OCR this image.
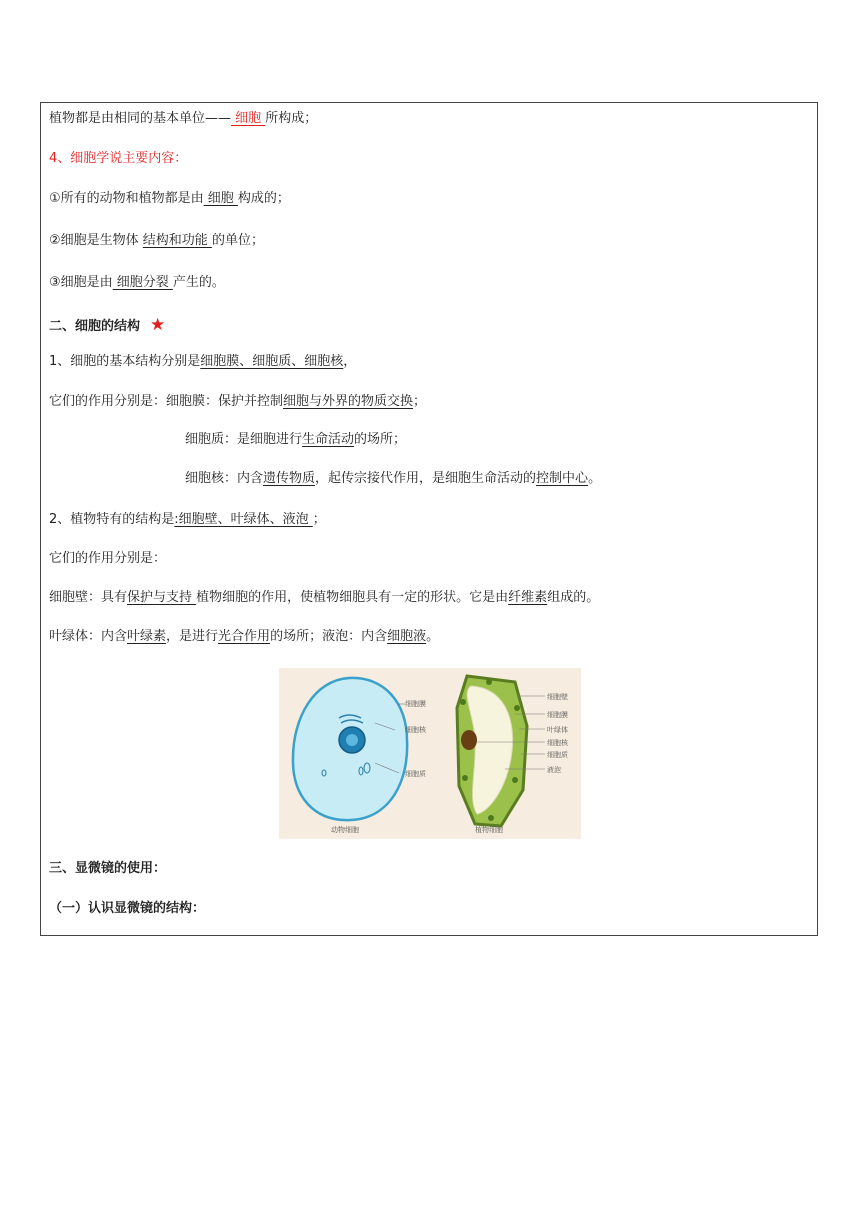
植物都是由相同的基本单位—— 细胞 所构成；
4、细胞学说主要内容：
①所有的动物和植物都是由 细胞 构成的；
②细胞是生物体 结构和功能 的单位；
③细胞是由 细胞分裂 产生的。
二、细胞的结构 ★
1、细胞的基本结构分别是细胞膜、细胞质、细胞核，
它们的作用分别是：细胞膜：保护并控制细胞与外界的物质交换；
细胞质：是细胞进行生命活动的场所；
细胞核：内含遗传物质，起传宗接代作用，是细胞生命活动的控制中心。
2、植物特有的结构是:细胞壁、叶绿体、液泡 ；
它们的作用分别是：
细胞壁：具有保护与支持 植物细胞的作用，使植物细胞具有一定的形状。它是由纤维素组成的。
叶绿体：内含叶绿素，是进行光合作用的场所；液泡：内含细胞液。
细胞膜
细胞核
细胞质
动物细胞
细胞壁
细胞膜
叶绿体
细胞核
细胞质
液泡
植物细胞
三、显微镜的使用：
（一）认识显微镜的结构：
